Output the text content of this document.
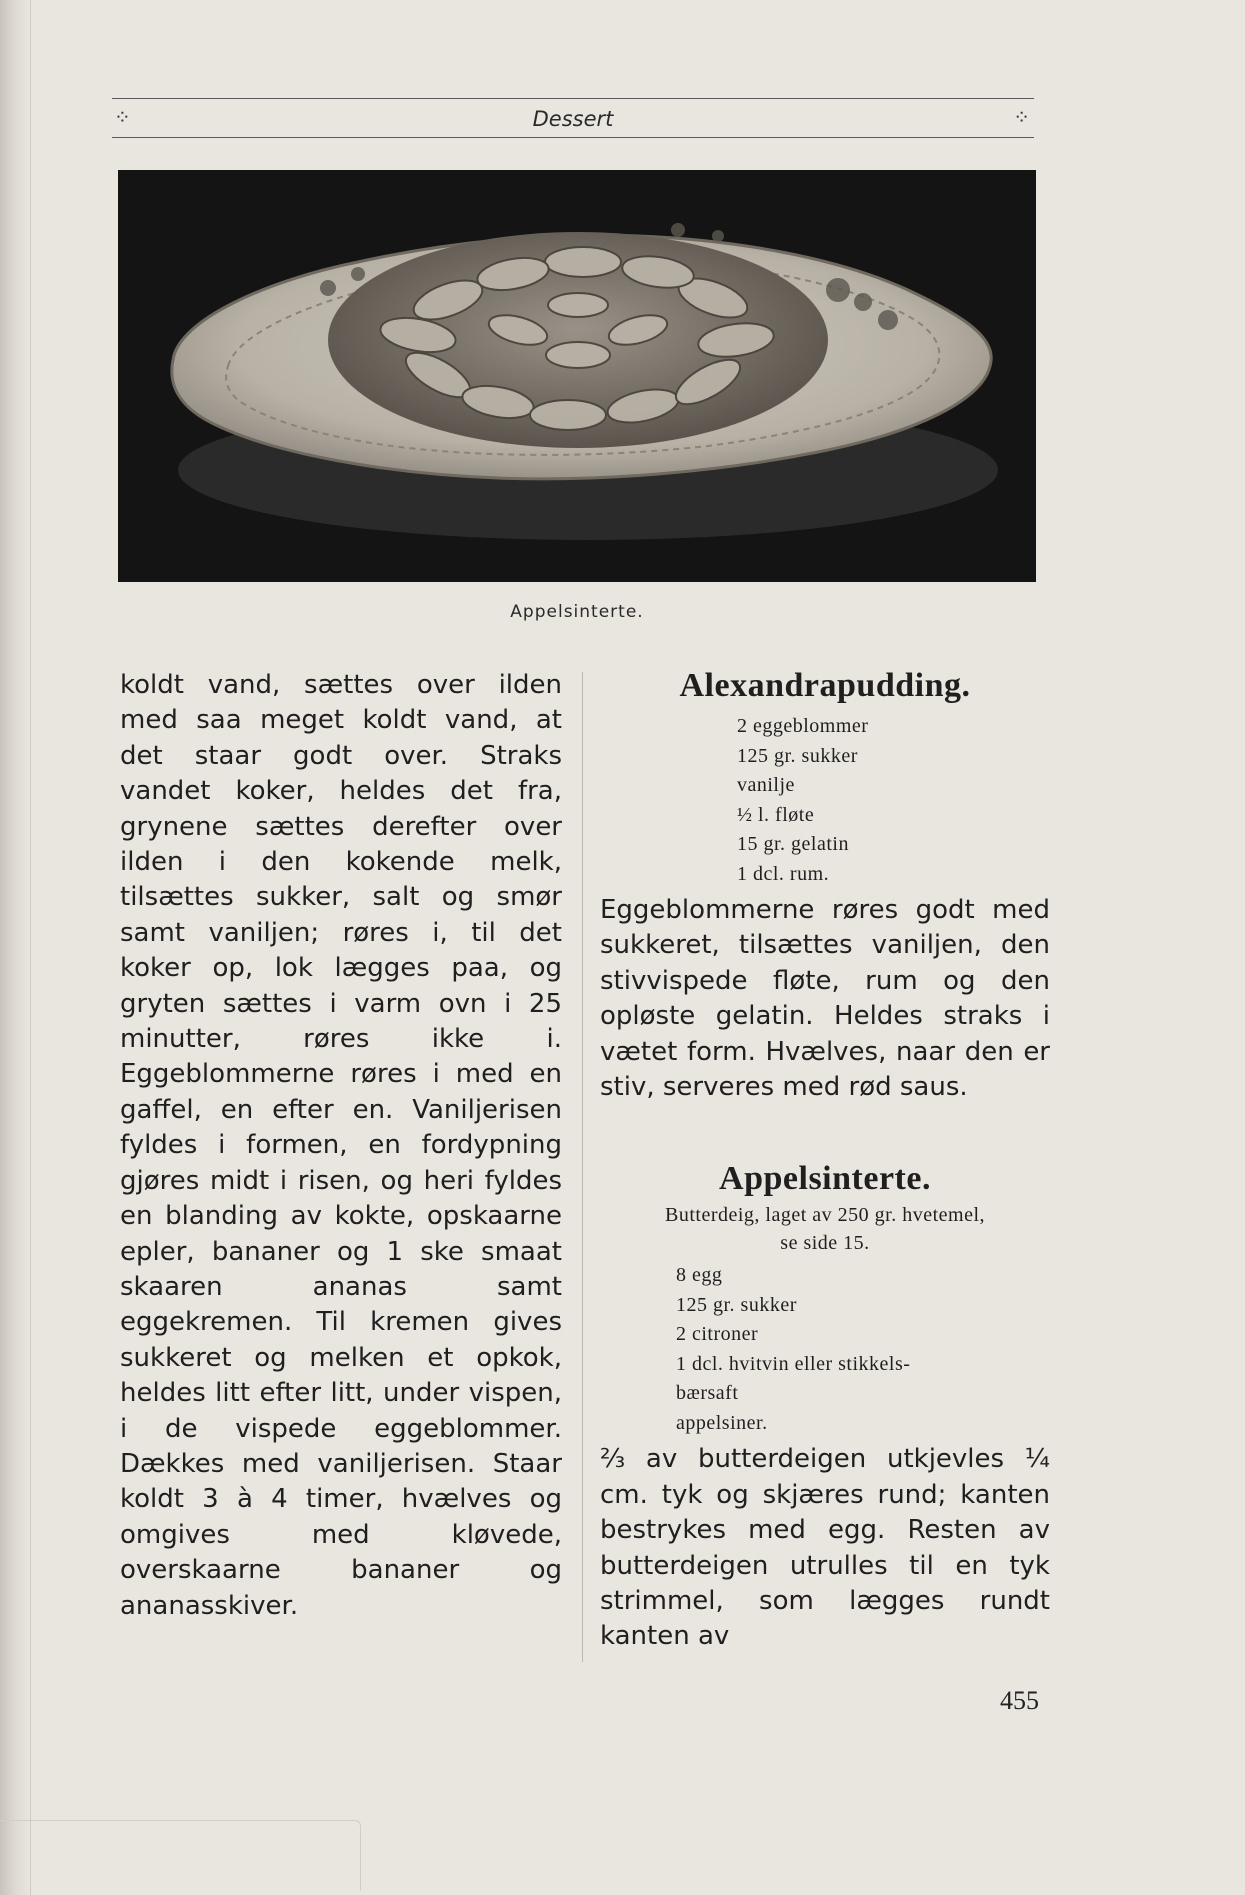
⁘	Dessert	⁘
Appelsinterte.
koldt vand, sættes over ilden med saa meget koldt vand, at det staar godt over. Straks vandet koker, heldes det fra, grynene sættes derefter over ilden i den kokende melk, tilsættes sukker, salt og smør samt vaniljen; røres i, til det koker op, lok lægges paa, og gryten sættes i varm ovn i 25 minutter, røres ikke i. Eggeblommerne røres i med en gaffel, en efter en. Vaniljerisen fyldes i formen, en fordypning gjøres midt i risen, og heri fyldes en blanding av kokte, opskaarne epler, bananer og 1 ske smaat skaaren ananas samt eggekremen. Til kremen gives sukkeret og melken et opkok, heldes litt efter litt, under vispen, i de vispede eggeblommer. Dækkes med vaniljerisen. Staar koldt 3 à 4 timer, hvælves og omgives med kløvede, overskaarne bananer og ananasskiver.
Alexandrapudding.
2 eggeblommer
125 gr. sukker
vanilje
½ l. fløte
15 gr. gelatin
1 dcl. rum.

Eggeblommerne røres godt med sukkeret, tilsættes vaniljen, den stivvispede fløte, rum og den opløste gelatin. Heldes straks i vætet form. Hvælves, naar den er stiv, serveres med rød saus.

Appelsinterte.

Butterdeig, laget av 250 gr. hvetemel,

se side 15.

8 egg
125 gr. sukker
2 citroner
1 dcl. hvitvin eller stikkels-
bærsaft
appelsiner.

⅔ av butterdeigen utkjevles ¼ cm. tyk og skjæres rund; kanten bestrykes med egg. Resten av butterdeigen utrulles til en tyk strimmel, som lægges rundt kanten av

455
